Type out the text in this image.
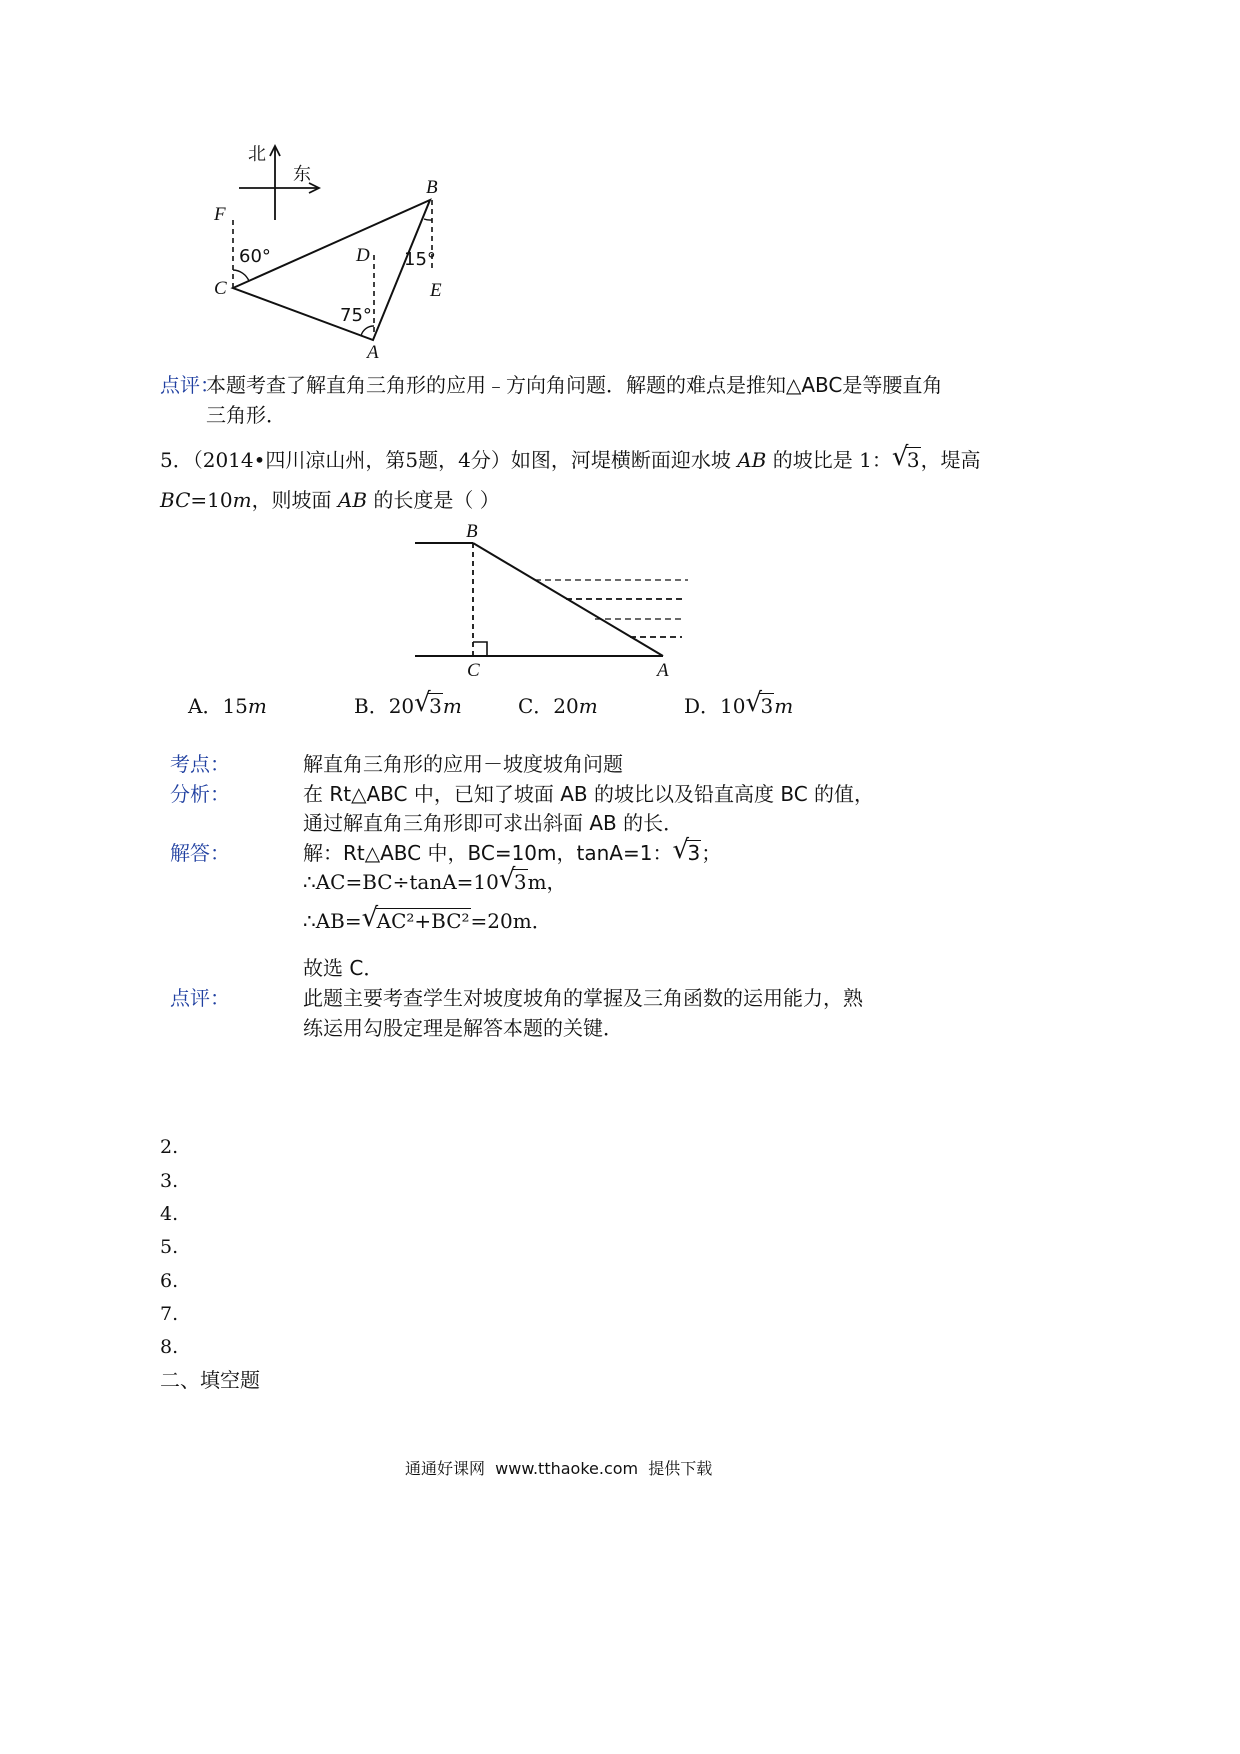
北
东
B
F
60°	D 15°
C	E
75°
A
点评：
本题考查了解直角三角形的应用﹣方向角问题．解题的难点是推知△ABC是等腰直角
三角形．
5．（2014•四川凉山州，第5题，4分）如图，河堤横断面迎水坡 AB 的坡比是 1： √ 3，堤高
BC=10m，则坡面 AB 的长度是（ ）
B
C	A
A．15m	B．20 √ 3m	C．20m	D．10 √ 3m
考点：	解直角三角形的应用－坡度坡角问题
分析：	在 Rt△ABC 中，已知了坡面 AB 的坡比以及铅直高度 BC 的值，
通过解直角三角形即可求出斜面 AB 的长．
解答：	解：Rt△ABC 中，BC=10m，tanA=1： √ 3；
∴AC=BC÷tanA=10 √ 3m，
∴AB= √ AC²+BC²=20m．
故选 C．
点评：	此题主要考查学生对坡度坡角的掌握及三角函数的运用能力，熟
练运用勾股定理是解答本题的关键．
2.
3.
4.
5.
6.
7.
8.
二、填空题
通通好课网  www.tthaoke.com  提供下载
